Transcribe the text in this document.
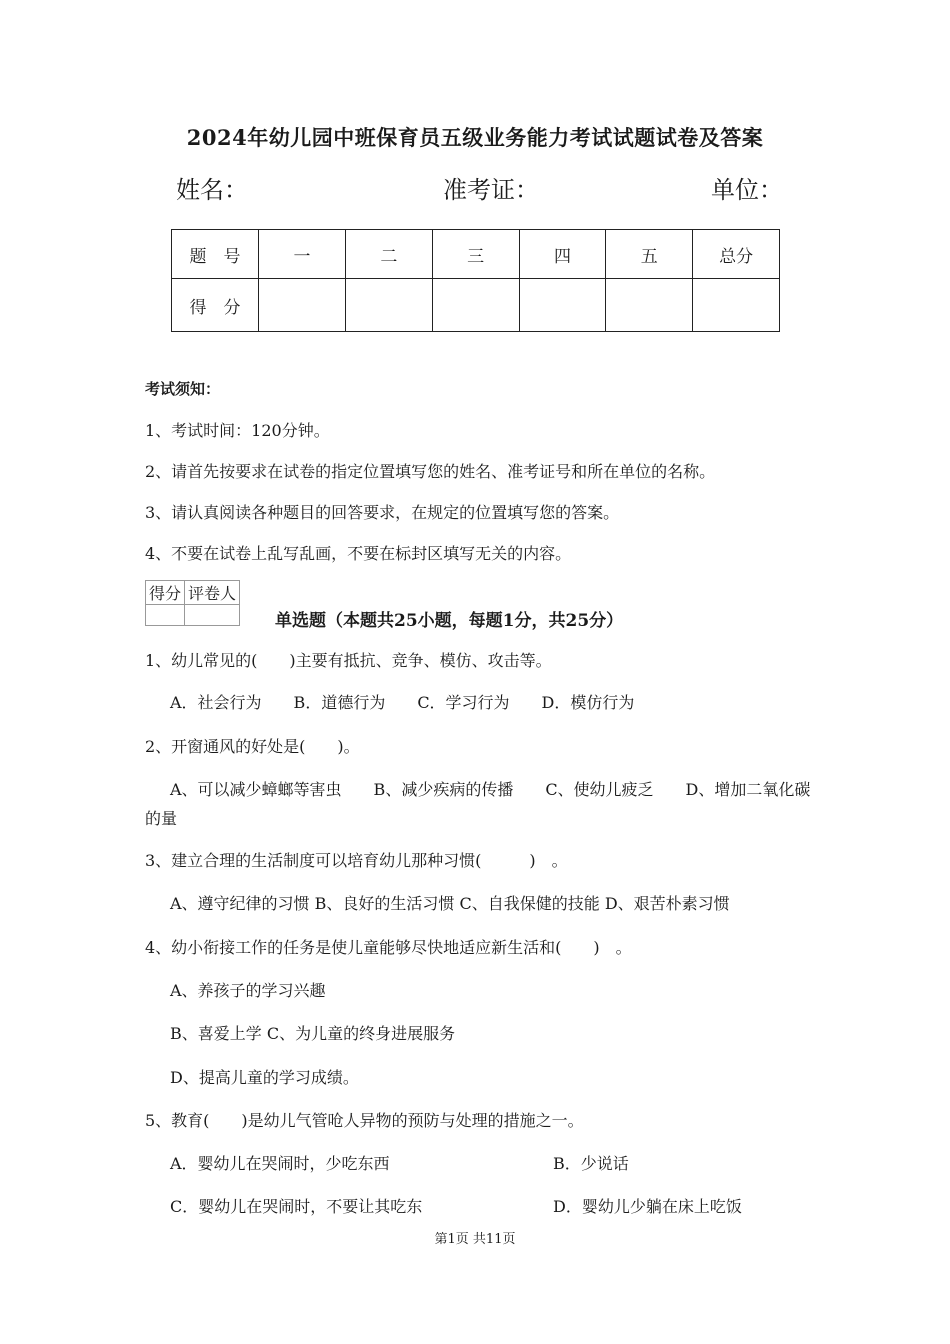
2024年幼儿园中班保育员五级业务能力考试试题试卷及答案
姓名：	准考证：	单位：
题　号	一	二	三	四	五	总分
得　分						
考试须知：
1、考试时间：120分钟。
2、请首先按要求在试卷的指定位置填写您的姓名、准考证号和所在单位的名称。
3、请认真阅读各种题目的回答要求，在规定的位置填写您的答案。
4、不要在试卷上乱写乱画，不要在标封区填写无关的内容。
得分	评卷人

单选题（本题共25小题，每题1分，共25分）
1、幼儿常见的(　　)主要有抵抗、竞争、模仿、攻击等。
A．社会行为　　B．道德行为　　C．学习行为　　D．模仿行为
2、开窗通风的好处是(　　)。
A、可以减少蟑螂等害虫　　B、减少疾病的传播　　C、使幼儿疲乏　　D、增加二氧化碳
的量
3、建立合理的生活制度可以培育幼儿那种习惯(　　　)　。
A、遵守纪律的习惯 B、良好的生活习惯 C、自我保健的技能 D、艰苦朴素习惯
4、幼小衔接工作的任务是使儿童能够尽快地适应新生活和(　　)　。
A、养孩子的学习兴趣
B、喜爱上学 C、为儿童的终身进展服务
D、提高儿童的学习成绩。
5、教育(　　)是幼儿气管呛人异物的预防与处理的措施之一。
A．婴幼儿在哭闹时，少吃东西	B．少说话
C．婴幼儿在哭闹时，不要让其吃东	D．婴幼儿少躺在床上吃饭
第1页 共11页
